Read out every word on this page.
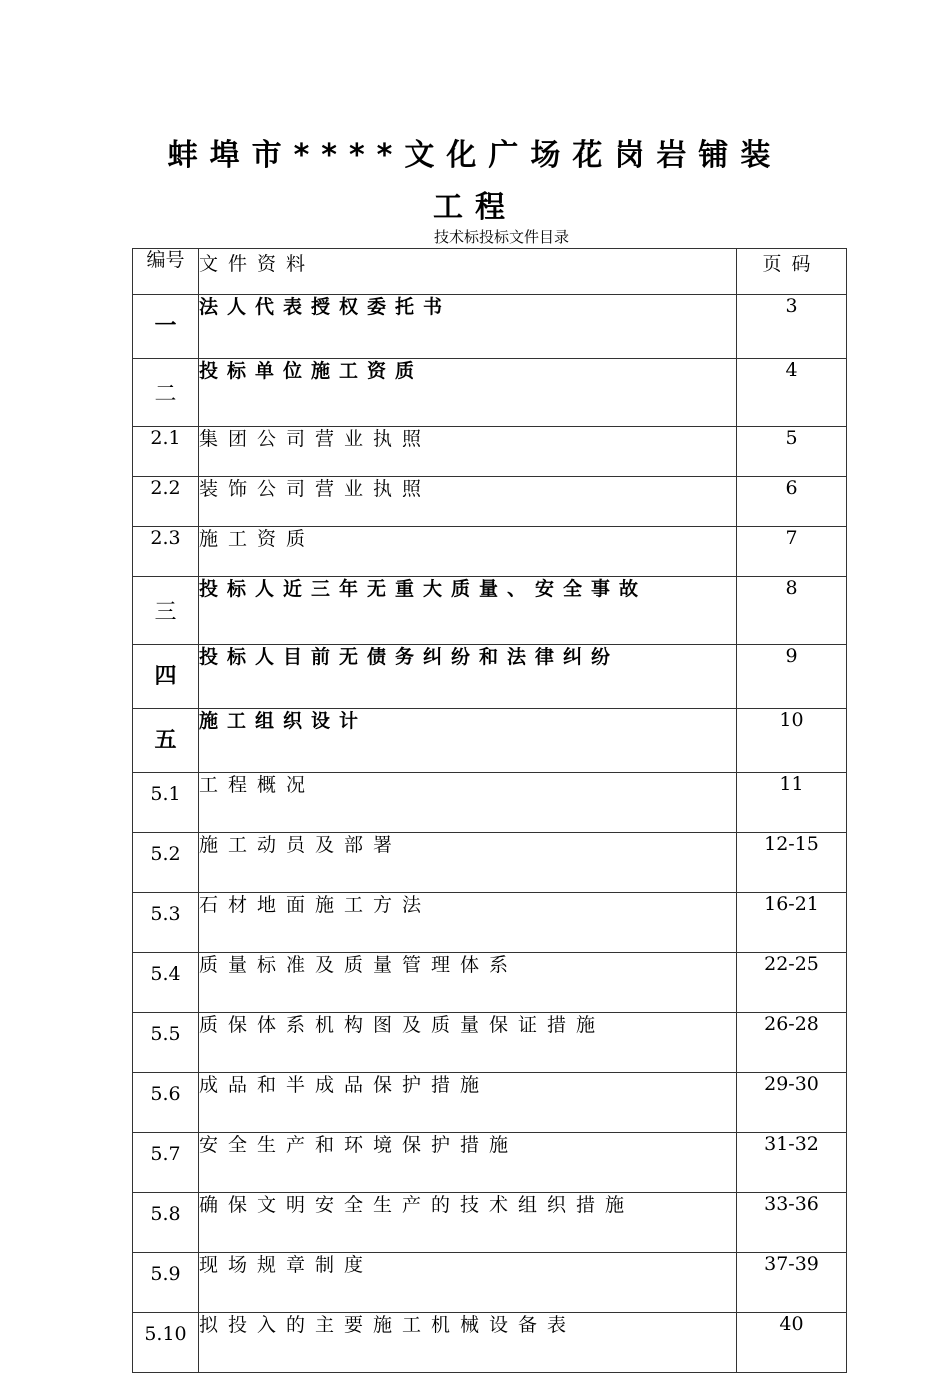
蚌埠市****文化广场花岗岩铺装
工程
技术标投标文件目录
编号	文件资料	页码
一	法人代表授权委托书	3
二	投标单位施工资质	4
2.1	集团公司营业执照	5
2.2	装饰公司营业执照	6
2.3	施工资质	7
三	投标人近三年无重大质量、安全事故	8
四	投标人目前无债务纠纷和法律纠纷	9
五	施工组织设计	10
5.1	工程概况	11
5.2	施工动员及部署	12-15
5.3	石材地面施工方法	16-21
5.4	质量标准及质量管理体系	22-25
5.5	质保体系机构图及质量保证措施	26-28
5.6	成品和半成品保护措施	29-30
5.7	安全生产和环境保护措施	31-32
5.8	确保文明安全生产的技术组织措施	33-36
5.9	现场规章制度	37-39
5.10	拟投入的主要施工机械设备表	40
